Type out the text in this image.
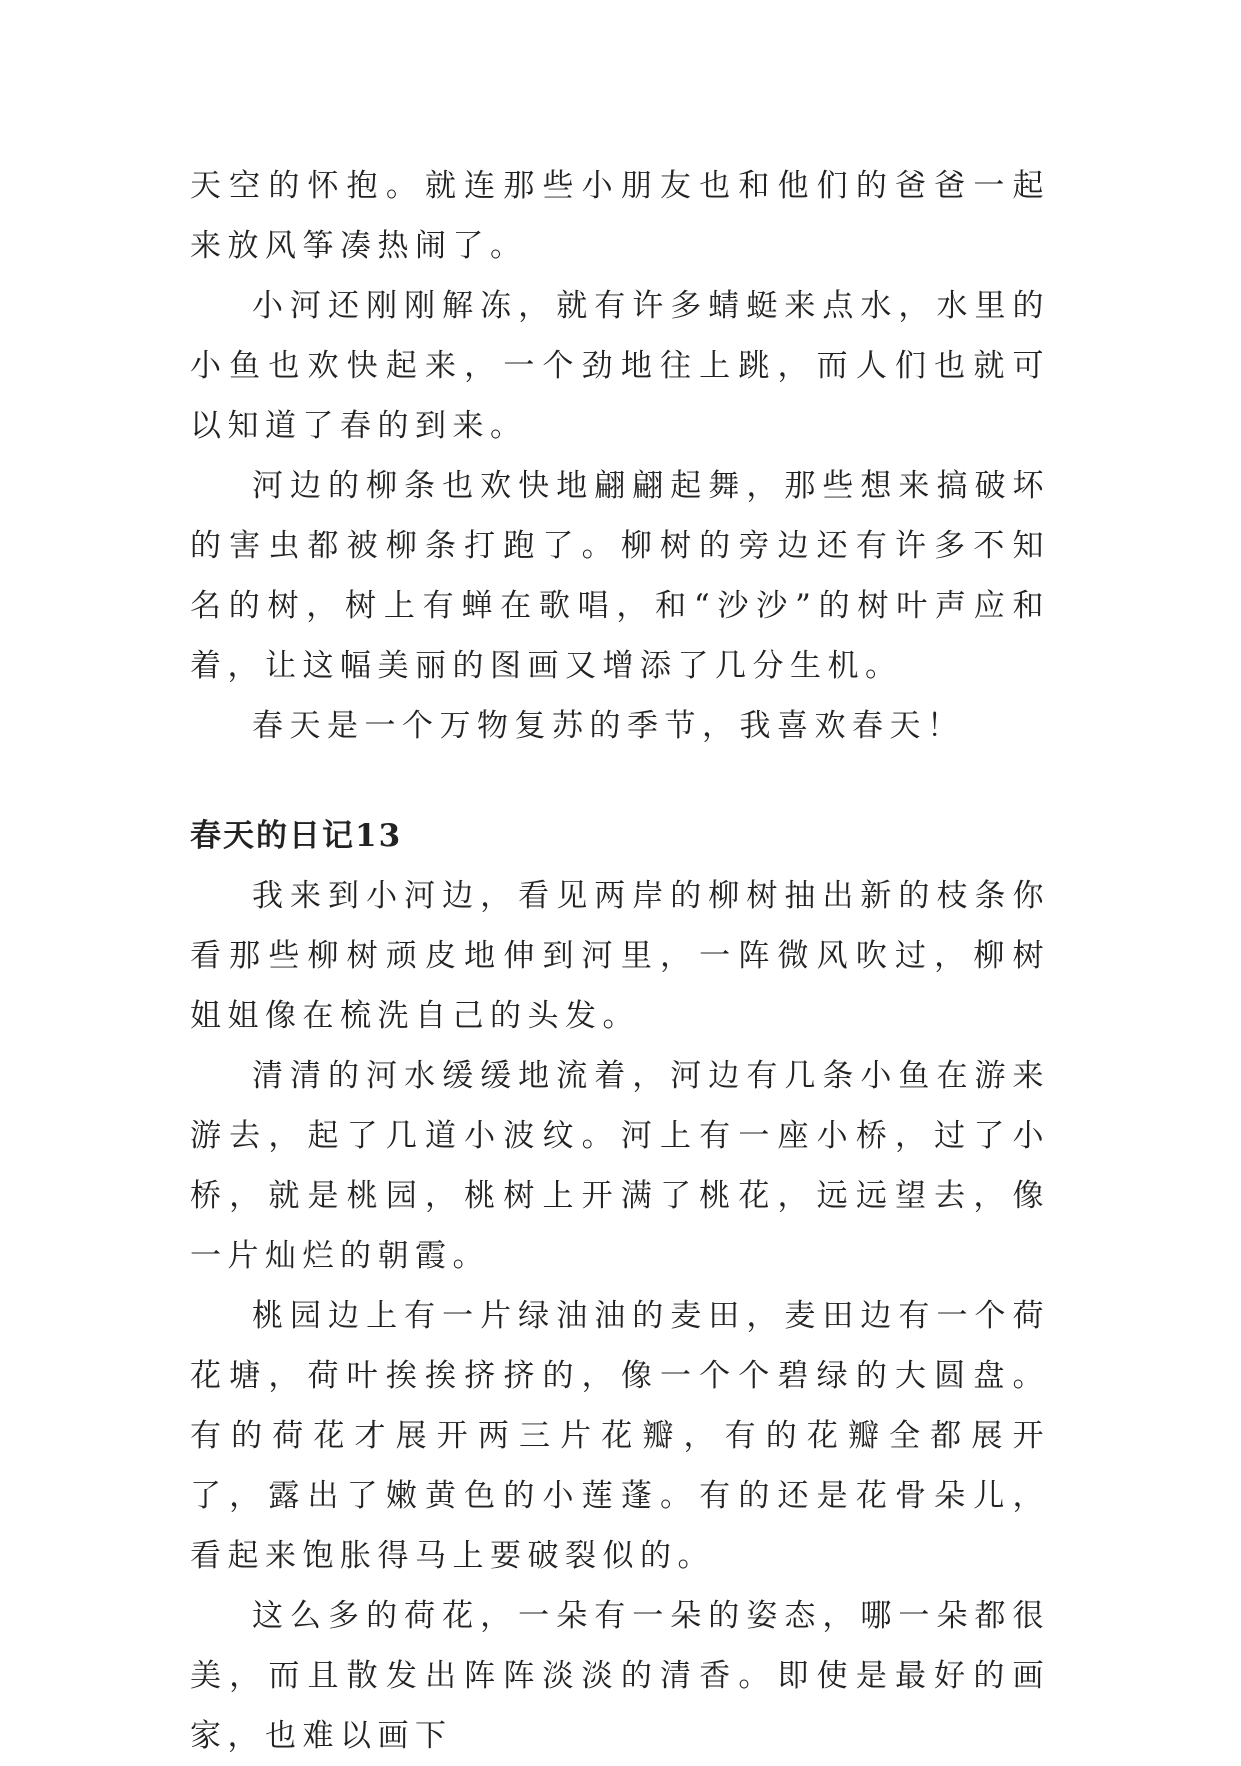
天空的怀抱。就连那些小朋友也和他们的爸爸一起来放风筝凑热闹了。

小河还刚刚解冻，就有许多蜻蜓来点水，水里的小鱼也欢快起来，一个劲地往上跳，而人们也就可以知道了春的到来。

河边的柳条也欢快地翩翩起舞，那些想来搞破坏的害虫都被柳条打跑了。柳树的旁边还有许多不知名的树，树上有蝉在歌唱，和“沙沙”的树叶声应和着，让这幅美丽的图画又增添了几分生机。

春天是一个万物复苏的季节，我喜欢春天！

春天的日记13

我来到小河边，看见两岸的柳树抽出新的枝条你看那些柳树顽皮地伸到河里，一阵微风吹过，柳树姐姐像在梳洗自己的头发。

清清的河水缓缓地流着，河边有几条小鱼在游来游去，起了几道小波纹。河上有一座小桥，过了小桥，就是桃园，桃树上开满了桃花，远远望去，像一片灿烂的朝霞。

桃园边上有一片绿油油的麦田，麦田边有一个荷花塘，荷叶挨挨挤挤的，像一个个碧绿的大圆盘。有的荷花才展开两三片花瓣，有的花瓣全都展开了，露出了嫩黄色的小莲蓬。有的还是花骨朵儿，看起来饱胀得马上要破裂似的。

这么多的荷花，一朵有一朵的姿态，哪一朵都很美，而且散发出阵阵淡淡的清香。即使是最好的画家，也难以画下
